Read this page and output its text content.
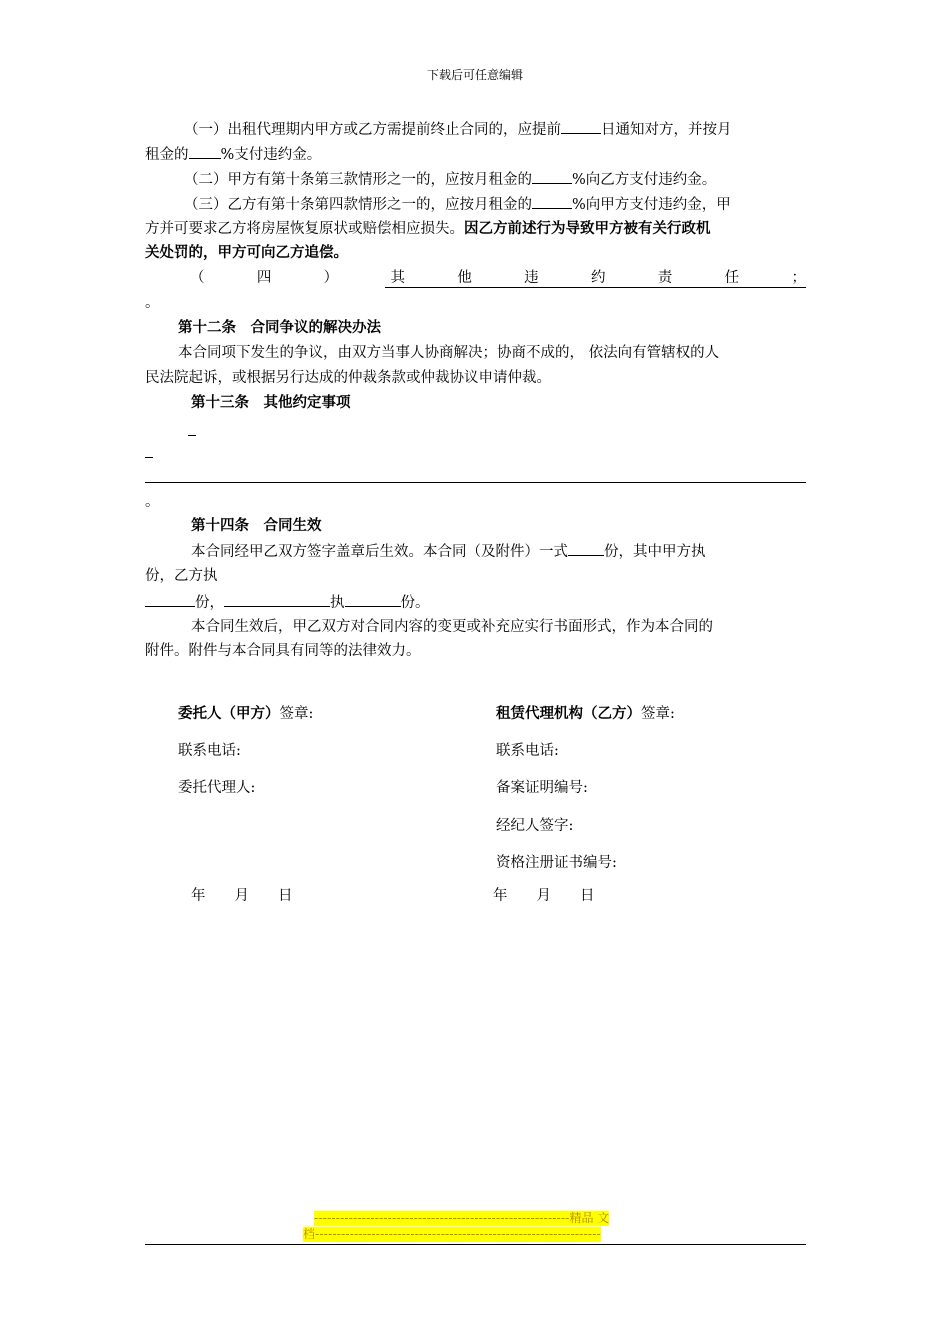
下载后可任意编辑
（一）出租代理期内甲方或乙方需提前终止合同的，应提前	日通知对方，并按月
租金的 %支付违约金。
（二）甲方有第十条第三款情形之一的，应按月租金的	%向乙方支付违约金。
（三）乙方有第十条第四款情形之一的，应按月租金的	%向甲方支付违约金，甲
方并可要求乙方将房屋恢复原状或赔偿相应损失。因乙方前述行为导致甲方被有关行政机
关处罚的，甲方可向乙方追偿。
（	四	）	其	他	违	约	责	任	；
。
第十二条　合同争议的解决办法
本合同项下发生的争议，由双方当事人协商解决；协商不成的， 依法向有管辖权的人
民法院起诉，或根据另行达成的仲裁条款或仲裁协议申请仲裁。
第十三条　其他约定事项
。
第十四条　合同生效
本合同经甲乙双方签字盖章后生效。本合同（及附件）一式 份，其中甲方执
份，乙方执
份，	执	份。
本合同生效后，甲乙双方对合同内容的变更或补充应实行书面形式，作为本合同的
附件。附件与本合同具有同等的法律效力。
委托人（甲方）签章:
联系电话:
委托代理人:
年　　月　　日
租赁代理机构（乙方）签章:
联系电话:
备案证明编号:
经纪人签字:
资格注册证书编号:
年　　月　　日
-----------------------------------------------------------精品 文
档------------------------------------------------------------------
